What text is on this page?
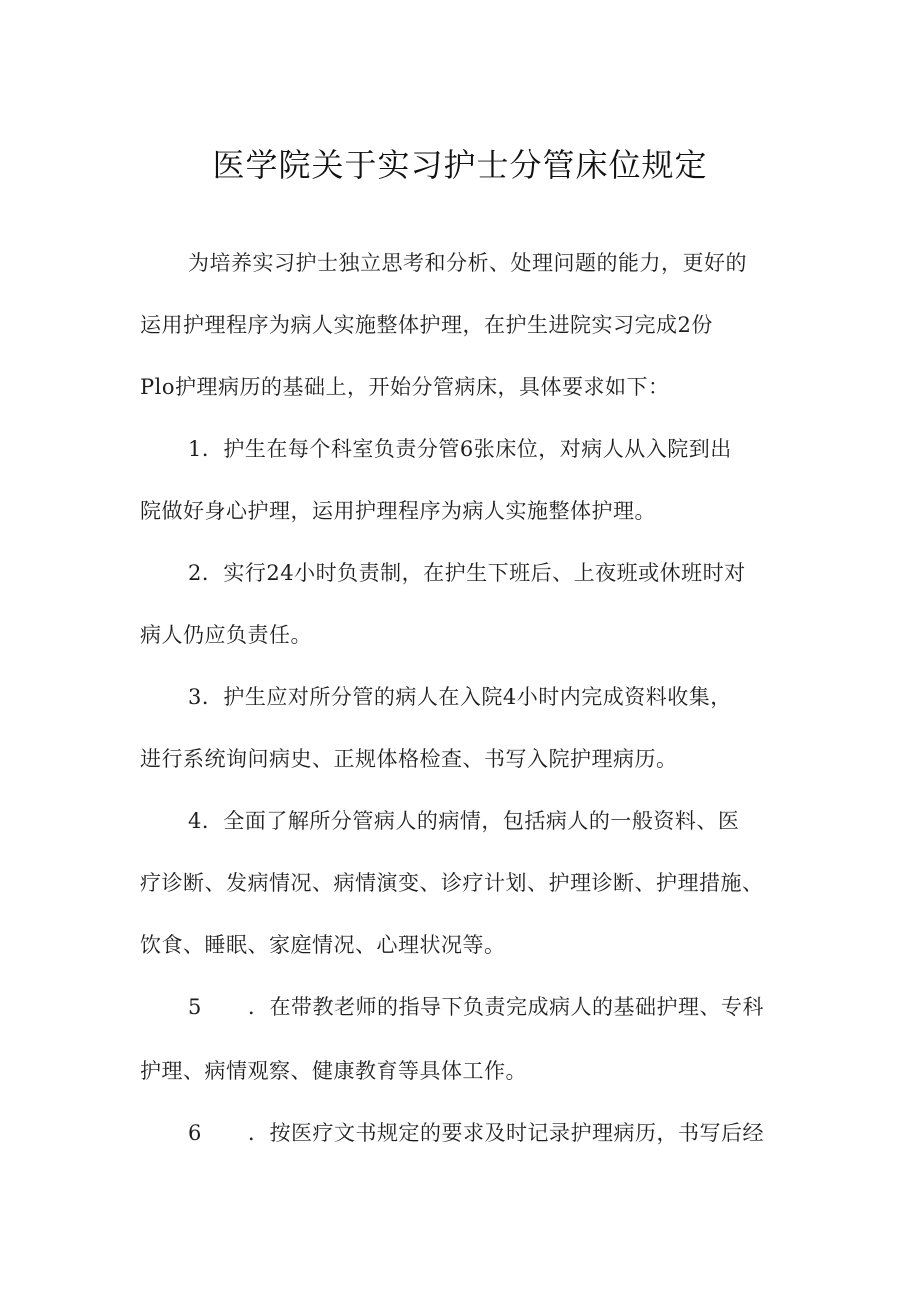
医学院关于实习护士分管床位规定
为培养实习护士独立思考和分析、处理问题的能力，更好的
运用护理程序为病人实施整体护理，在护生进院实习完成2份
Plo护理病历的基础上，开始分管病床，具体要求如下：
1．护生在每个科室负责分管6张床位，对病人从入院到出
院做好身心护理，运用护理程序为病人实施整体护理。
2．实行24小时负责制，在护生下班后、上夜班或休班时对
病人仍应负责任。
3．护生应对所分管的病人在入院4小时内完成资料收集，
进行系统询问病史、正规体格检查、书写入院护理病历。
4．全面了解所分管病人的病情，包括病人的一般资料、医
疗诊断、发病情况、病情演变、诊疗计划、护理诊断、护理措施、
饮食、睡眠、家庭情况、心理状况等。
5 ．在带教老师的指导下负责完成病人的基础护理、专科
护理、病情观察、健康教育等具体工作。
6 ．按医疗文书规定的要求及时记录护理病历，书写后经
